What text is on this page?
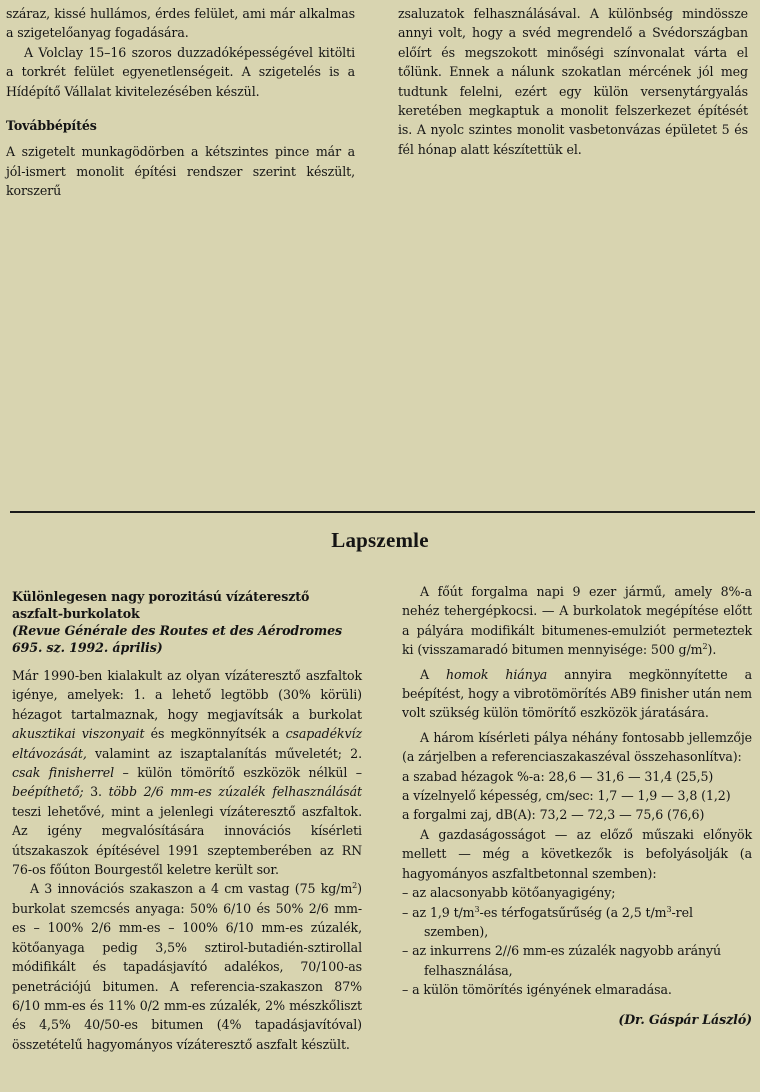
száraz, kissé hullámos, érdes felület, ami már alkalmas a szigetelőanyag fogadására.

A Volclay 15–16 szoros duzzadóképességével kitölti a torkrét felület egyenetlenségeit. A szigetelés is a Hídépítő Vállalat kivitelezésében készül.

Továbbépítés

A szigetelt munkagödörben a kétszintes pince már a jól-ismert monolit építési rendszer szerint készült, korszerű

zsaluzatok felhasználásával. A különbség mindössze annyi volt, hogy a svéd megrendelő a Svédországban előírt és megszokott minőségi színvonalat várta el tőlünk. Ennek a nálunk szokatlan mércének jól meg tudtunk felelni, ezért egy külön versenytárgyalás keretében megkaptuk a monolit felszerkezet építését is. A nyolc szintes monolit vasbetonvázas épületet 5 és fél hónap alatt készítettük el.

Lapszemle

Különlegesen nagy porozitású vízáteresztő aszfalt-burkolatok

(Revue Générale des Routes et des Aérodromes 695. sz. 1992. április)

Már 1990-ben kialakult az olyan vízáteresztő aszfaltok igénye, amelyek: 1. a lehető legtöbb (30% körüli) hézagot tartalmaznak, hogy megjavítsák a burkolat akusztikai viszonyait és megkönnyítsék a csapadékvíz eltávozását, valamint az iszaptalanítás műveletét; 2. csak finisherrel – külön tömörítő eszközök nélkül – beépíthető; 3. több 2/6 mm-es zúzalék felhasználását teszi lehetővé, mint a jelenlegi vízáteresztő aszfaltok. Az igény megvalósítására innovációs kísérleti útszakaszok építésével 1991 szeptemberében az RN 76-os főúton Bourgestől keletre került sor.

A 3 innovációs szakaszon a 4 cm vastag (75 $kg/m^2$) burkolat szemcsés anyaga: 50% 6/10 és 50% 2/6 mm-es – 100% 2/6 mm-es – 100% 6/10 mm-es zúzalék, kötőanyaga pedig 3,5% sztirol-butadién-sztirollal módifikált és tapadásjavító adalékos, 70/100-as penetrációjú bitumen. A referencia-szakaszon 87% 6/10 mm-es és 11% 0/2 mm-es zúzalék, 2% mészkőliszt és 4,5% 40/50-es bitumen (4% tapadásjavítóval) összetételű hagyományos vízáteresztő aszfalt készült.

A főút forgalma napi 9 ezer jármű, amely 8%-a nehéz tehergépkocsi. — A burkolatok megépítése előtt a pályára modifikált bitumenes-emulziót permeteztek ki (visszamaradó bitumen mennyisége: 500 $g/m^2$).

A homok hiánya annyira megkönnyítette a beépítést, hogy a vibrotömörítés AB9 finisher után nem volt szükség külön tömörítő eszközök járatására.

A három kísérleti pálya néhány fontosabb jellemzője (a zárjelben a referenciaszakaszéval összehasonlítva):

a szabad hézagok %-a: 28,6 — 31,6 — 31,4 (25,5)

a vízelnyelő képesség, cm/sec: 1,7 — 1,9 — 3,8 (1,2)

a forgalmi zaj, dB(A): 73,2 — 72,3 — 75,6 (76,6)

A gazdaságosságot — az előző műszaki előnyök mellett — még a következők is befolyásolják (a hagyományos aszfaltbetonnal szemben):

– az alacsonyabb kötőanyagigény;

– az 1,9 $t/m^3-es$ térfogatsűrűség (a 2,5 $t/m^3$-rel szemben),

– az inkurrens 2//6 mm-es zúzalék nagyobb arányú felhasználása,

– a külön tömörítés igényének elmaradása.

(Dr. Gáspár László)
